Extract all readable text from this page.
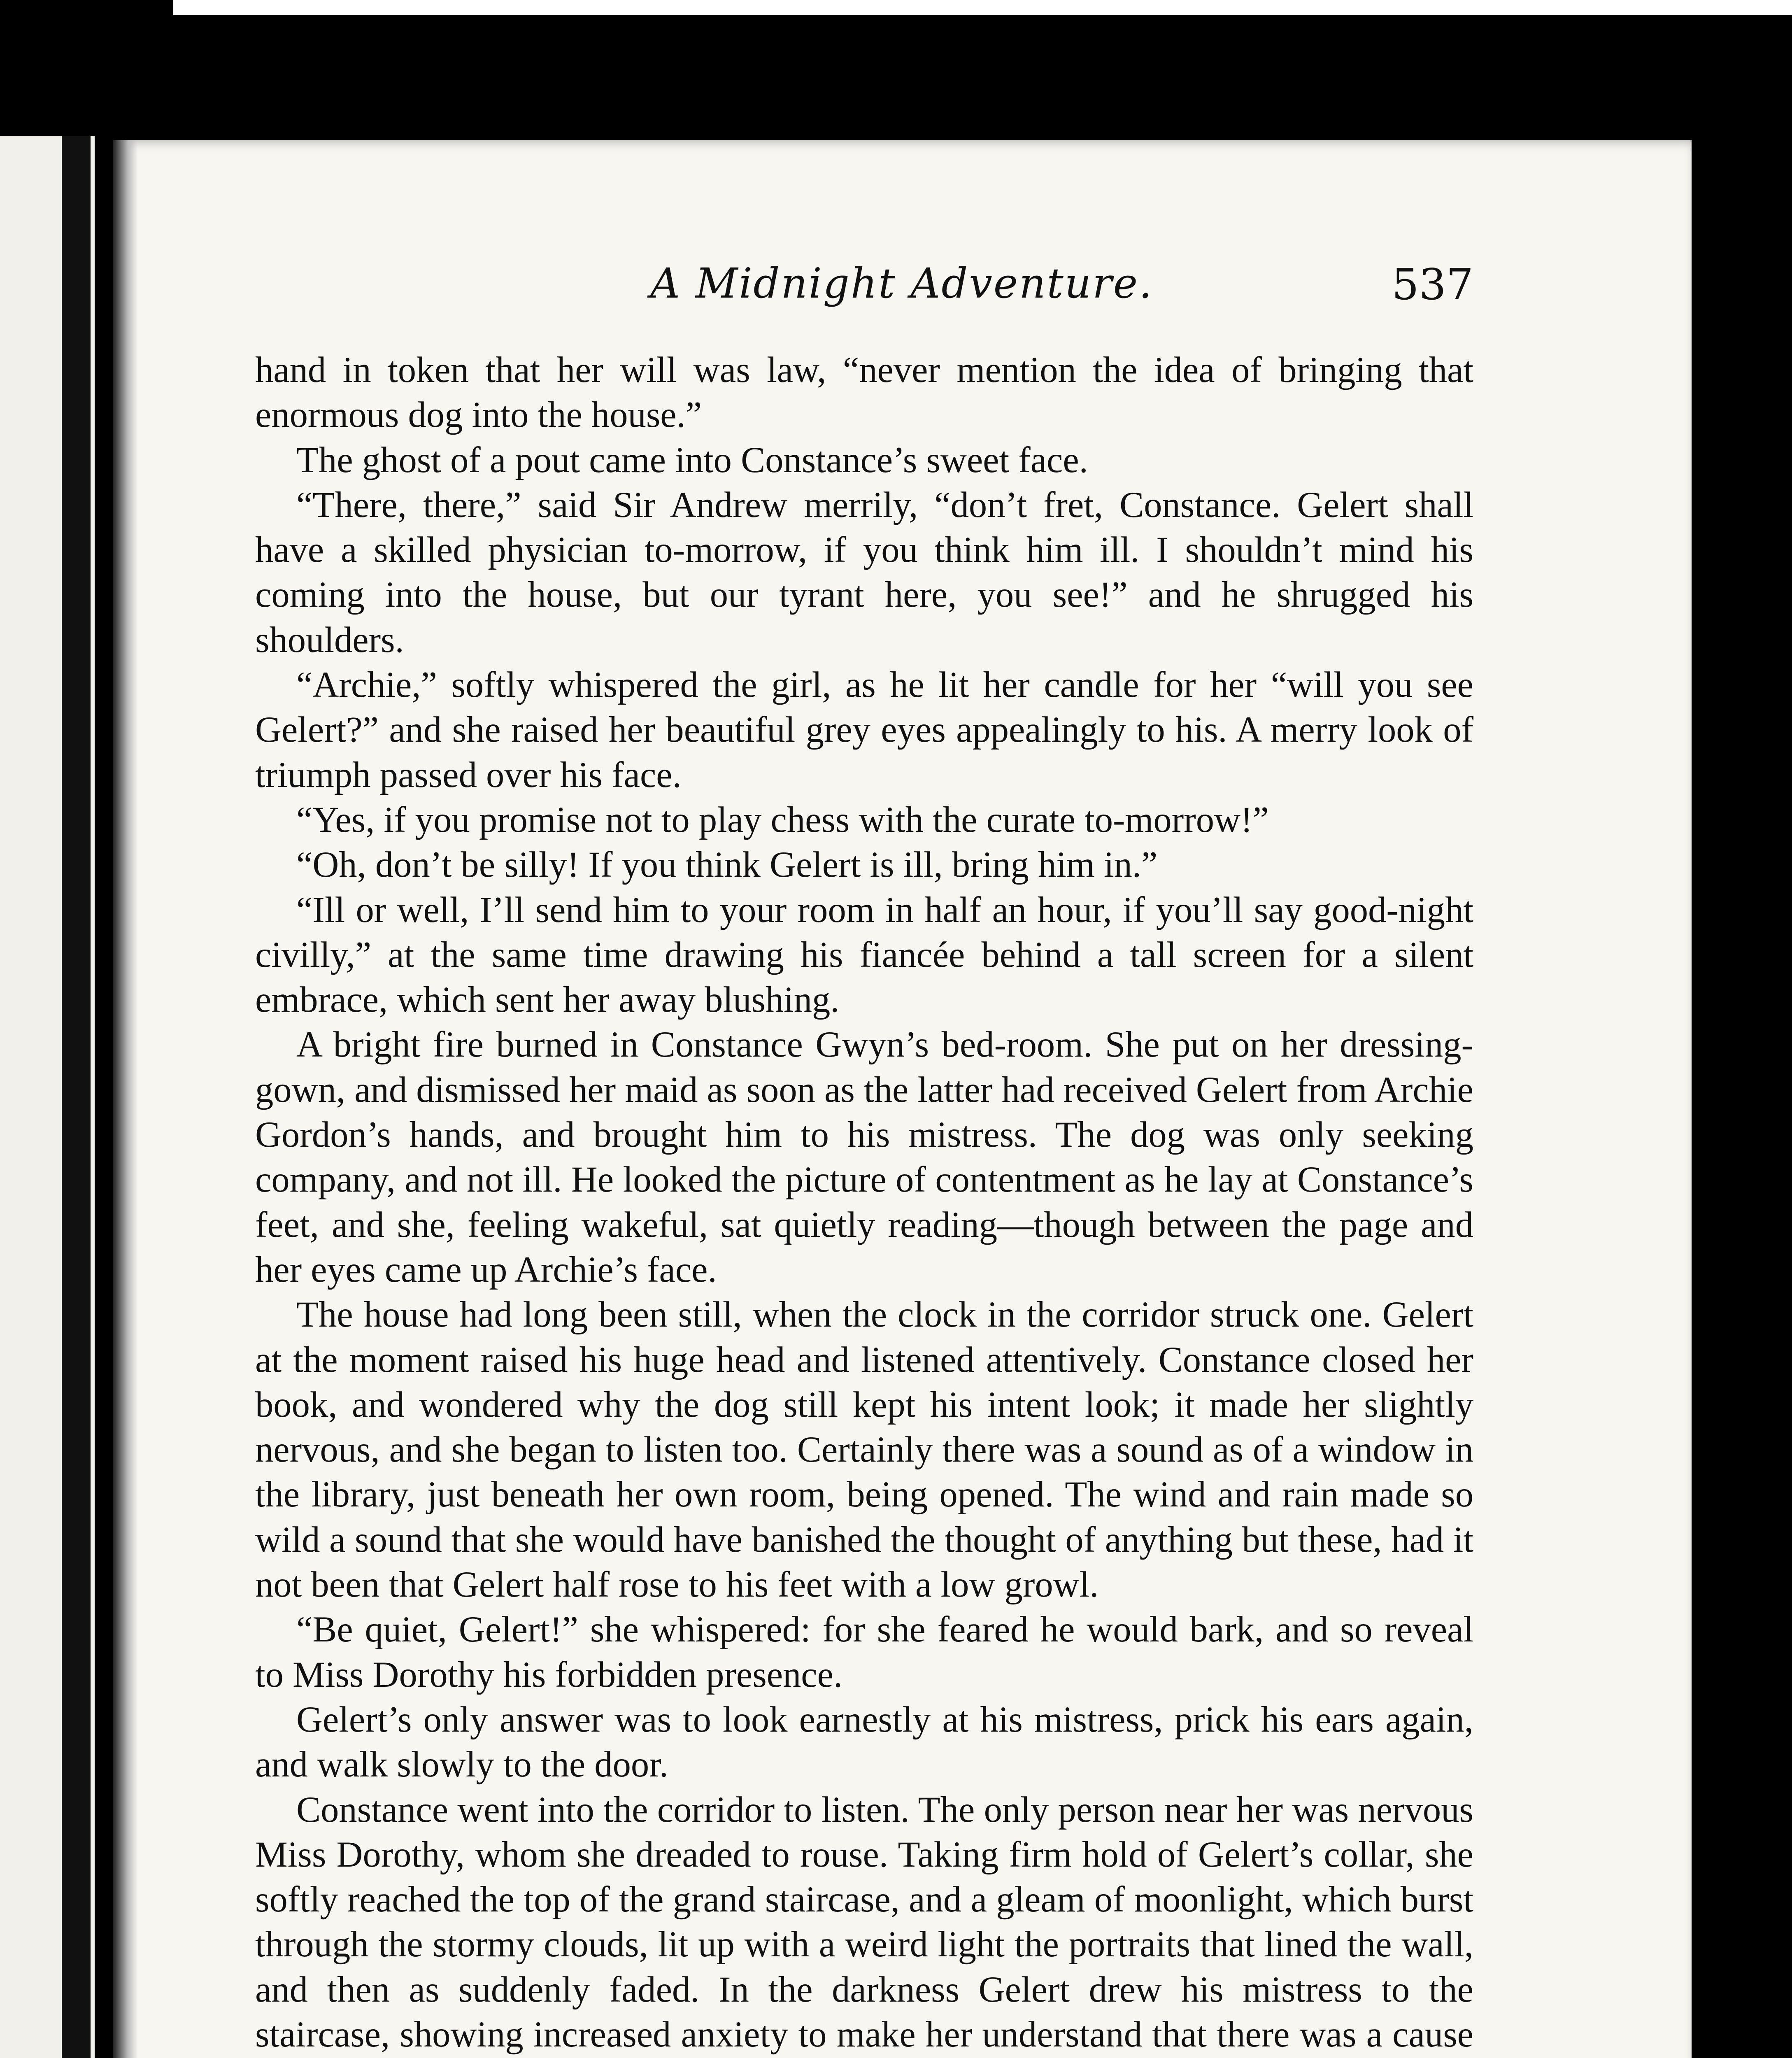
A Midnight Adventure.	537

hand in token that her will was law, “never mention the idea of bringing that enormous dog into the house.”

The ghost of a pout came into Constance’s sweet face.

“There, there,” said Sir Andrew merrily, “don’t fret, Constance. Gelert shall have a skilled physician to-morrow, if you think him ill. I shouldn’t mind his coming into the house, but our tyrant here, you see!” and he shrugged his shoulders.

“Archie,” softly whispered the girl, as he lit her candle for her “will you see Gelert?” and she raised her beautiful grey eyes appealingly to his. A merry look of triumph passed over his face.

“Yes, if you promise not to play chess with the curate to-morrow!”

“Oh, don’t be silly! If you think Gelert is ill, bring him in.”

“Ill or well, I’ll send him to your room in half an hour, if you’ll say good-night civilly,” at the same time drawing his fiancée behind a tall screen for a silent embrace, which sent her away blushing.

A bright fire burned in Constance Gwyn’s bed-room. She put on her dressing-gown, and dismissed her maid as soon as the latter had received Gelert from Archie Gordon’s hands, and brought him to his mistress. The dog was only seeking company, and not ill. He looked the picture of contentment as he lay at Constance’s feet, and she, feeling wakeful, sat quietly reading—though between the page and her eyes came up Archie’s face.

The house had long been still, when the clock in the corridor struck one. Gelert at the moment raised his huge head and listened attentively. Constance closed her book, and wondered why the dog still kept his intent look; it made her slightly nervous, and she began to listen too. Certainly there was a sound as of a window in the library, just beneath her own room, being opened. The wind and rain made so wild a sound that she would have banished the thought of anything but these, had it not been that Gelert half rose to his feet with a low growl.

“Be quiet, Gelert!” she whispered: for she feared he would bark, and so reveal to Miss Dorothy his forbidden presence.

Gelert’s only answer was to look earnestly at his mistress, prick his ears again, and walk slowly to the door.

Constance went into the corridor to listen. The only person near her was nervous Miss Dorothy, whom she dreaded to rouse. Taking firm hold of Gelert’s collar, she softly reached the top of the grand staircase, and a gleam of moonlight, which burst through the stormy clouds, lit up with a weird light the portraits that lined the wall, and then as suddenly faded. In the darkness Gelert drew his mistress to the staircase, showing increased anxiety to make her understand that there was a cause
